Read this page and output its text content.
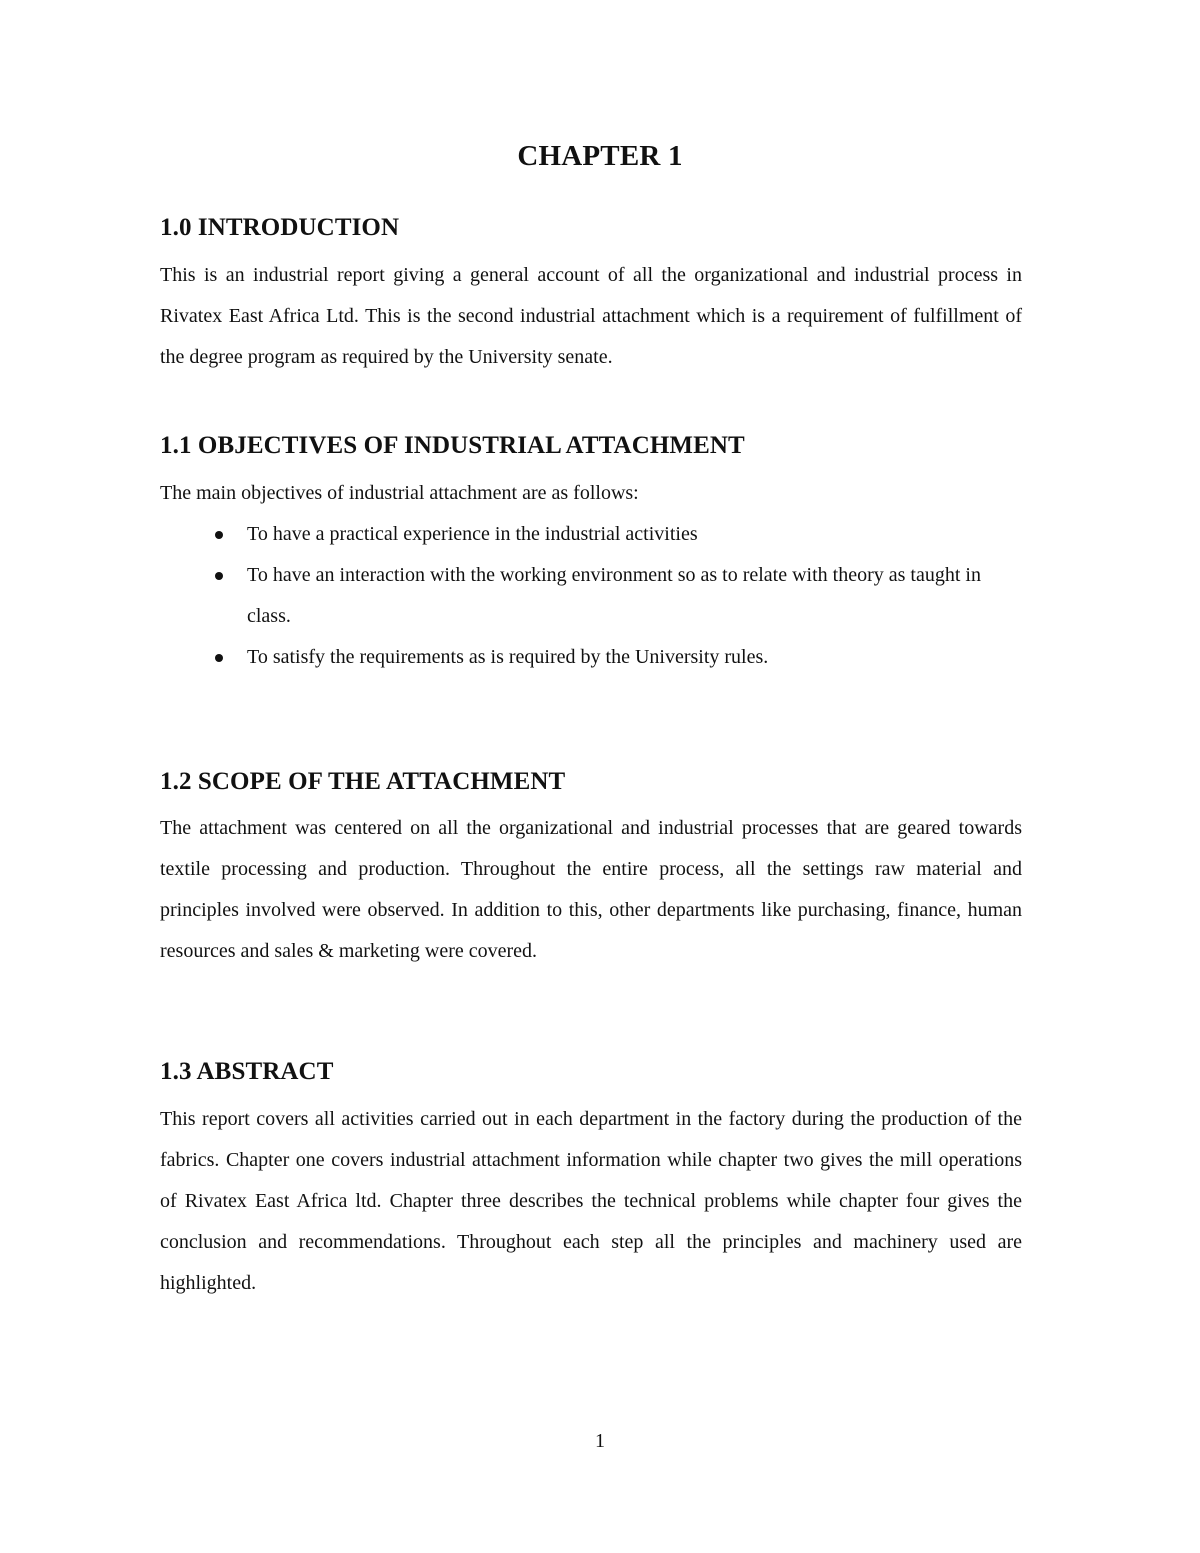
CHAPTER 1
1.0 INTRODUCTION

This is an industrial report giving a general account of all the organizational and industrial process in Rivatex East Africa Ltd. This is the second industrial attachment which is a requirement of fulfillment of the degree program as required by the University senate.

1.1 OBJECTIVES OF INDUSTRIAL ATTACHMENT

The main objectives of industrial attachment are as follows:

To have a practical experience in the industrial activities
To have an interaction with the working environment so as to relate with theory as taught in class.
To satisfy the requirements as is required by the University rules.
1.2 SCOPE OF THE ATTACHMENT

The attachment was centered on all the organizational and industrial processes that are geared towards textile processing and production. Throughout the entire process, all the settings raw material and principles involved were observed. In addition to this, other departments like purchasing, finance, human resources and sales & marketing were covered.

1.3 ABSTRACT

This report covers all activities carried out in each department in the factory during the production of the fabrics. Chapter one covers industrial attachment information while chapter two gives the mill operations of Rivatex East Africa ltd. Chapter three describes the technical problems while chapter four gives the conclusion and recommendations. Throughout each step all the principles and machinery used are highlighted.

1
